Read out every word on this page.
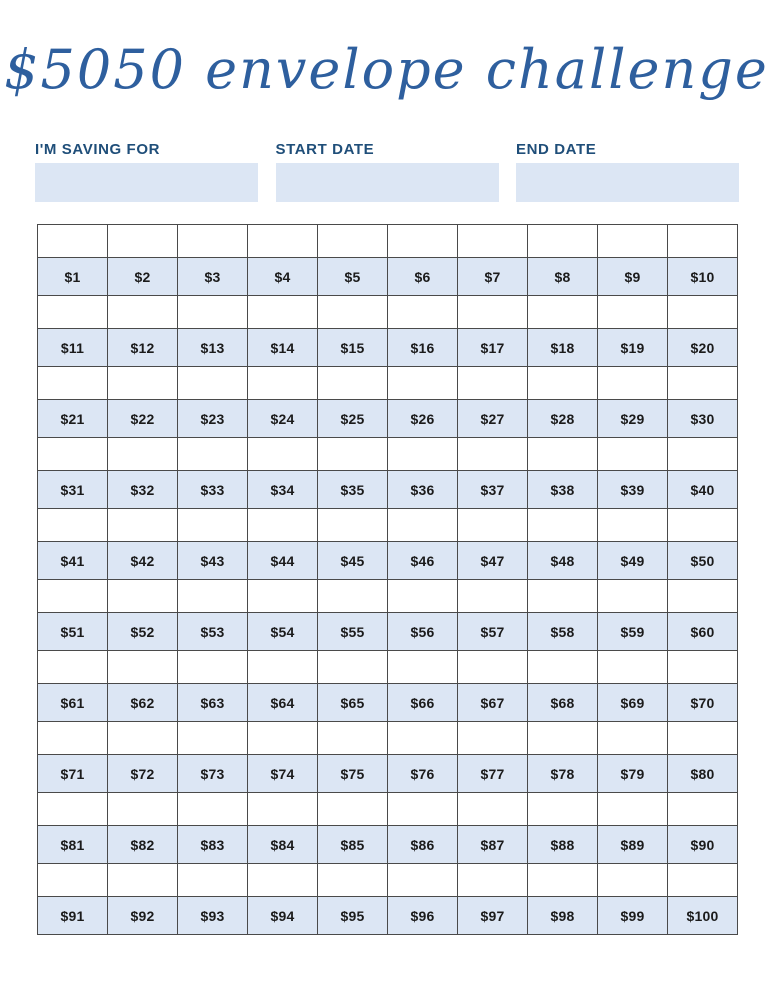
$5050 envelope challenge
I'M SAVING FOR	START DATE	END DATE

$1	$2	$3	$4	$5	$6	$7	$8	$9	$10

$11	$12	$13	$14	$15	$16	$17	$18	$19	$20

$21	$22	$23	$24	$25	$26	$27	$28	$29	$30

$31	$32	$33	$34	$35	$36	$37	$38	$39	$40

$41	$42	$43	$44	$45	$46	$47	$48	$49	$50

$51	$52	$53	$54	$55	$56	$57	$58	$59	$60

$61	$62	$63	$64	$65	$66	$67	$68	$69	$70

$71	$72	$73	$74	$75	$76	$77	$78	$79	$80

$81	$82	$83	$84	$85	$86	$87	$88	$89	$90

$91	$92	$93	$94	$95	$96	$97	$98	$99	$100
